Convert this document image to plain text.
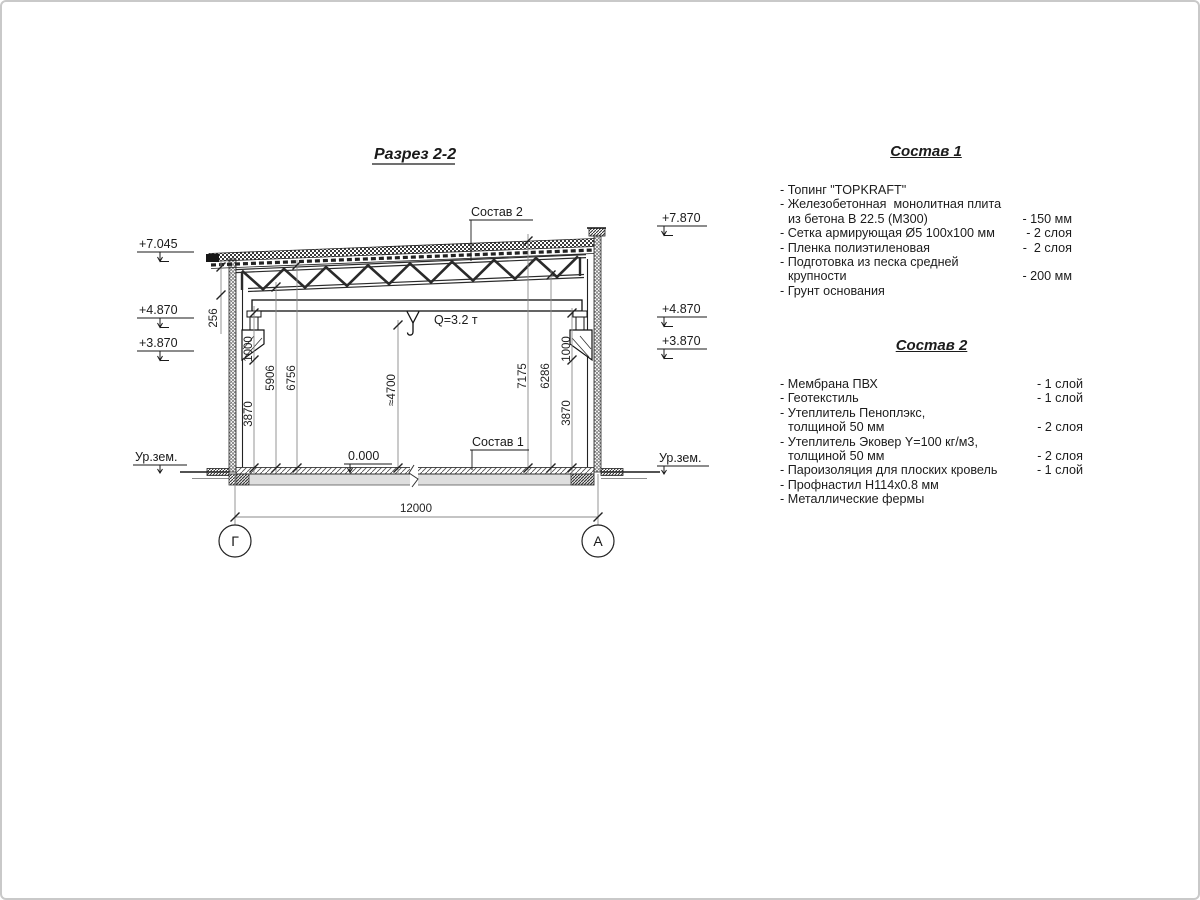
Разрез 2-2
Q=3.2 т
1000
3870
5906 6756	≈4700	7175 6286
1000
3870
256
+7.045
+4.870
+3.870
Ур.зем.
+7.870
+4.870
+3.870
Ур.зем.
0.000
Состав 2
Состав 1
12000
Г	А
Состав 1
- Топинг "TOPKRAFT"
- Железобетонная  монолитная плита
из бетона В 22.5 (М300)	- 150 мм
- Сетка армирующая Ø5 100x100 мм	- 2 слоя
- Пленка полиэтиленовая	-  2 слоя
- Подготовка из песка средней
крупности	- 200 мм
- Грунт основания
Состав 2
- Мембрана ПВХ	- 1 слой
- Геотекстиль	- 1 слой
- Утеплитель Пеноплэкс,
толщиной 50 мм	- 2 слоя
- Утеплитель Эковер Y=100 кг/м3,
толщиной 50 мм	- 2 слоя
- Пароизоляция для плоских кровель	- 1 слой
- Профнастил Н114х0.8 мм
- Металлические фермы
